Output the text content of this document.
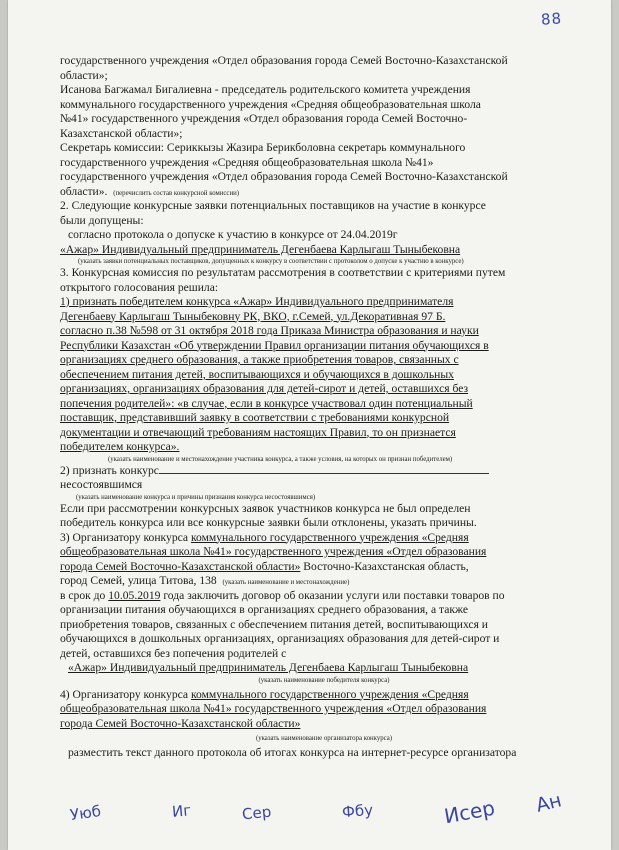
88

государственного учреждения «Отдел образования города Семей Восточно-Казахстанской

области»;

Исанова Багжамал Бигалиевна - председатель родительского комитета учреждения

коммунального государственного учреждения «Средняя общеобразовательная школа

№41» государственного учреждения «Отдел образования города Семей Восточно-

Казахстанской области»;

Секретарь комиссии: Сериккызы Жазира Берикболовна секретарь коммунального

государственного учреждения «Средняя общеобразовательная школа №41»

государственного учреждения «Отдел образования города Семей Восточно-Казахстанской

области». (перечислить состав конкурсной комиссии)

2. Следующие конкурсные заявки потенциальных поставщиков на участие в конкурсе

были допущены:

согласно протокола о допуске к участию в конкурсе от 24.04.2019г

«Ажар» Индивидуальный предприниматель Дегенбаева Карлыгаш Тыныбековна

(указать заявки потенциальных поставщиков, допущенных к конкурсу в соответствии с протоколом о допуске к участию в конкурсе)

3. Конкурсная комиссия по результатам рассмотрения в соответствии с критериями путем

открытого голосования решила:

1) признать победителем конкурса «Ажар» Индивидуального предпринимателя

Дегенбаеву Карлыгаш Тыныбековну РК, ВКО, г.Семей, ул.Декоративная 97 Б.

согласно п.38 №598 от 31 октября 2018 года Приказа Министра образования и науки

Республики Казахстан «Об утверждении Правил организации питания обучающихся в

организациях среднего образования, а также приобретения товаров, связанных с

обеспечением питания детей, воспитывающихся и обучающихся в дошкольных

организациях, организациях образования для детей-сирот и детей, оставшихся без

попечения родителей»: «в случае, если в конкурсе участвовал один потенциальный

поставщик, представивший заявку в соответствии с требованиями конкурсной

документации и отвечающий требованиям настоящих Правил, то он признается

победителем конкурса».

(указать наименование и местонахождение участника конкурса, а также условия, на которых он признан победителем)

2) признать конкурс

несостоявшимся

(указать наименование конкурса и причины признания конкурса несостоявшимся)

Если при рассмотрении конкурсных заявок участников конкурса не был определен

победитель конкурса или все конкурсные заявки были отклонены, указать причины.

3) Организатору конкурса коммунального государственного учреждения «Средняя

общеобразовательная школа №41» государственного учреждения «Отдел образования

города Семей Восточно-Казахстанской области» Восточно-Казахстанская область,

город Семей, улица Титова, 138 (указать наименование и местонахождение)

в срок до 10.05.2019 года заключить договор об оказании услуги или поставки товаров по

организации питания обучающихся в организациях среднего образования, а также

приобретения товаров, связанных с обеспечением питания детей, воспитывающихся и

обучающихся в дошкольных организациях, организациях образования для детей-сирот и

детей, оставшихся без попечения родителей с

«Ажар» Индивидуальный предприниматель Дегенбаева Карлыгаш Тыныбековна

(указать наименование победителя конкурса)

4) Организатору конкурса коммунального государственного учреждения «Средняя

общеобразовательная школа №41» государственного учреждения «Отдел образования

города Семей Восточно-Казахстанской области»

(указать наименование организатора конкурса)

разместить текст данного протокола об итогах конкурса на интернет-ресурсе организатора

Уюб	Иг	Сер	Фбу	Исер Ан
